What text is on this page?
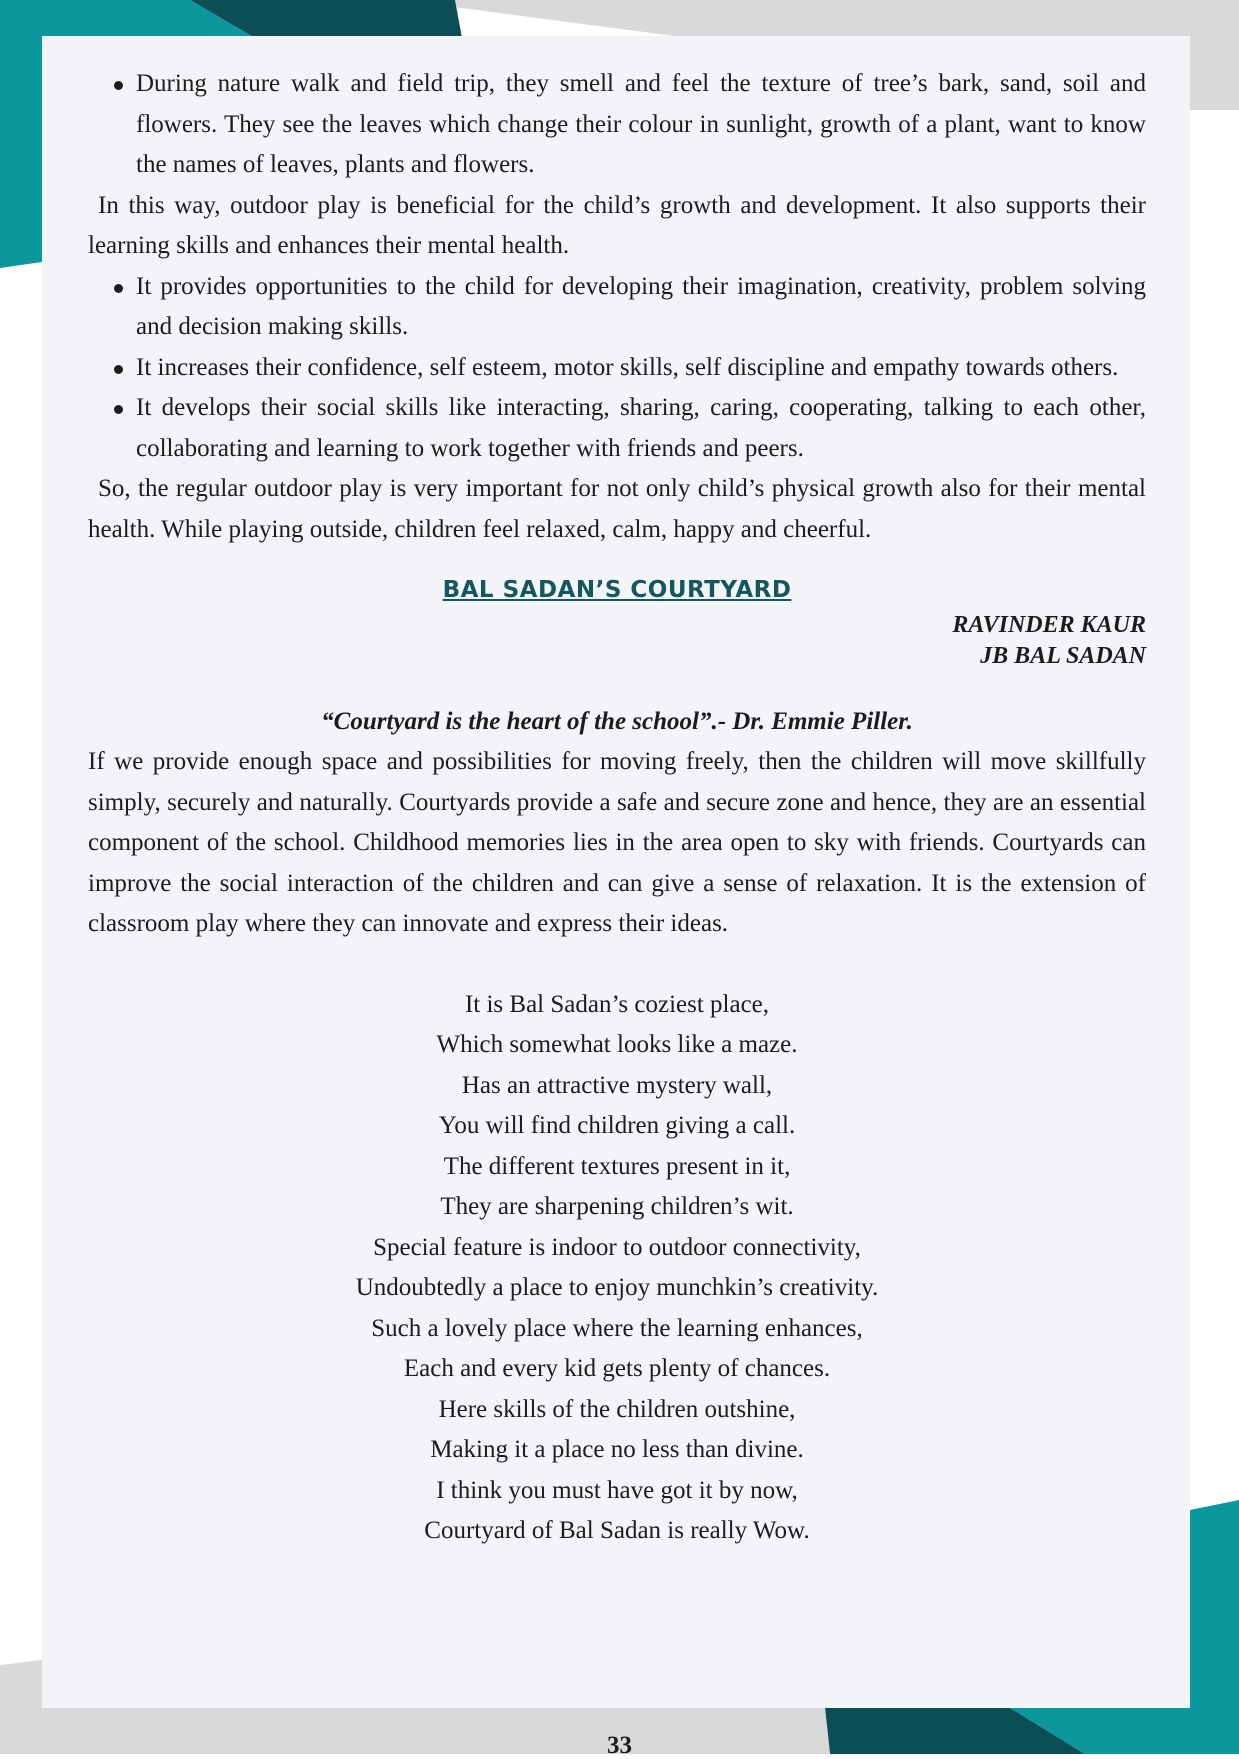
During nature walk and field trip, they smell and feel the texture of tree’s bark, sand, soil and flowers. They see the leaves which change their colour in sunlight, growth of a plant, want to know the names of leaves, plants and flowers.

In this way, outdoor play is beneficial for the child’s growth and development. It also supports their learning skills and enhances their mental health.

It provides opportunities to the child for developing their imagination, creativity, problem solving and decision making skills.
It increases their confidence, self esteem, motor skills, self discipline and empathy towards others.
It develops their social skills like interacting, sharing, caring, cooperating, talking to each other, collaborating and learning to work together with friends and peers.

So, the regular outdoor play is very important for not only child’s physical growth also for their mental health. While playing outside, children feel relaxed, calm, happy and cheerful.

BAL SADAN’S COURTYARD
RAVINDER KAUR
JB BAL SADAN
“Courtyard is the heart of the school”.- Dr. Emmie Piller.

If we provide enough space and possibilities for moving freely, then the children will move skillfully simply, securely and naturally. Courtyards provide a safe and secure zone and hence, they are an essential component of the school. Childhood memories lies in the area open to sky with friends. Courtyards can improve the social interaction of the children and can give a sense of relaxation. It is the extension of classroom play where they can innovate and express their ideas.

It is Bal Sadan’s coziest place,
Which somewhat looks like a maze.
Has an attractive mystery wall,
You will find children giving a call.
The different textures present in it,
They are sharpening children’s wit.
Special feature is indoor to outdoor connectivity,
Undoubtedly a place to enjoy munchkin’s creativity.
Such a lovely place where the learning enhances,
Each and every kid gets plenty of chances.
Here skills of the children outshine,
Making it a place no less than divine.
I think you must have got it by now,
Courtyard of Bal Sadan is really Wow.
33
